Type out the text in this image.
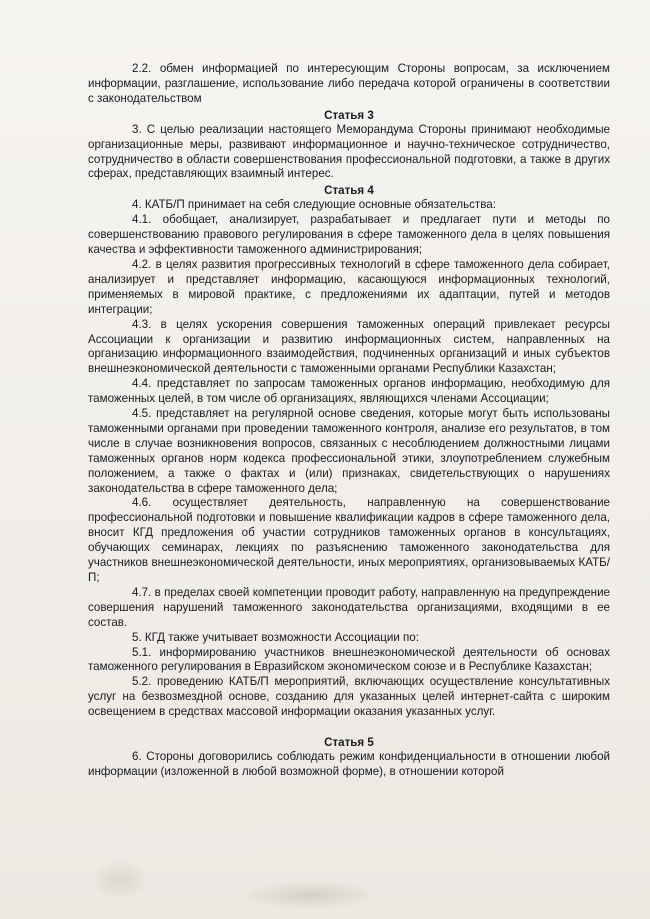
2.2. обмен информацией по интересующим Стороны вопросам, за исключением информации, разглашение, использование либо передача которой ограничены в соответствии с законодательством

Статья 3

3. С целью реализации настоящего Меморандума Стороны принимают необходимые организационные меры, развивают информационное и научно-техническое сотрудничество, сотрудничество в области совершенствования профессиональной подготовки, а также в других сферах, представляющих взаимный интерес.

Статья 4

4. КАТБ/П принимает на себя следующие основные обязательства:

4.1. обобщает, анализирует, разрабатывает и предлагает пути и методы по совершенствованию правового регулирования в сфере таможенного дела в целях повышения качества и эффективности таможенного администрирования;

4.2. в целях развития прогрессивных технологий в сфере таможенного дела собирает, анализирует и представляет информацию, касающуюся информационных технологий, применяемых в мировой практике, с предложениями их адаптации, путей и методов интеграции;

4.3. в целях ускорения совершения таможенных операций привлекает ресурсы Ассоциации к организации и развитию информационных систем, направленных на организацию информационного взаимодействия, подчиненных организаций и иных субъектов внешнеэкономической деятельности с таможенными органами Республики Казахстан;

4.4. представляет по запросам таможенных органов информацию, необходимую для таможенных целей, в том числе об организациях, являющихся членами Ассоциации;

4.5. представляет на регулярной основе сведения, которые могут быть использованы таможенными органами при проведении таможенного контроля, анализе его результатов, в том числе в случае возникновения вопросов, связанных с несоблюдением должностными лицами таможенных органов норм кодекса профессиональной этики, злоупотреблением служебным положением, а также о фактах и (или) признаках, свидетельствующих о нарушениях законодательства в сфере таможенного дела;

4.6. осуществляет деятельность, направленную на совершенствование профессиональной подготовки и повышение квалификации кадров в сфере таможенного дела, вносит КГД предложения об участии сотрудников таможенных органов в консультациях, обучающих семинарах, лекциях по разъяснению таможенного законодательства для участников внешнеэкономической деятельности, иных мероприятиях, организовываемых КАТБ/П;

4.7. в пределах своей компетенции проводит работу, направленную на предупреждение совершения нарушений таможенного законодательства организациями, входящими в ее состав.

5. КГД также учитывает возможности Ассоциации по:

5.1. информированию участников внешнеэкономической деятельности об основах таможенного регулирования в Евразийском экономическом союзе и в Республике Казахстан;

5.2. проведению КАТБ/П мероприятий, включающих осуществление консультативных услуг на безвозмездной основе, созданию для указанных целей интернет-сайта с широким освещением в средствах массовой информации оказания указанных услуг.

Статья 5

6. Стороны договорились соблюдать режим конфиденциальности в отношении любой информации (изложенной в любой возможной форме), в отношении которой
